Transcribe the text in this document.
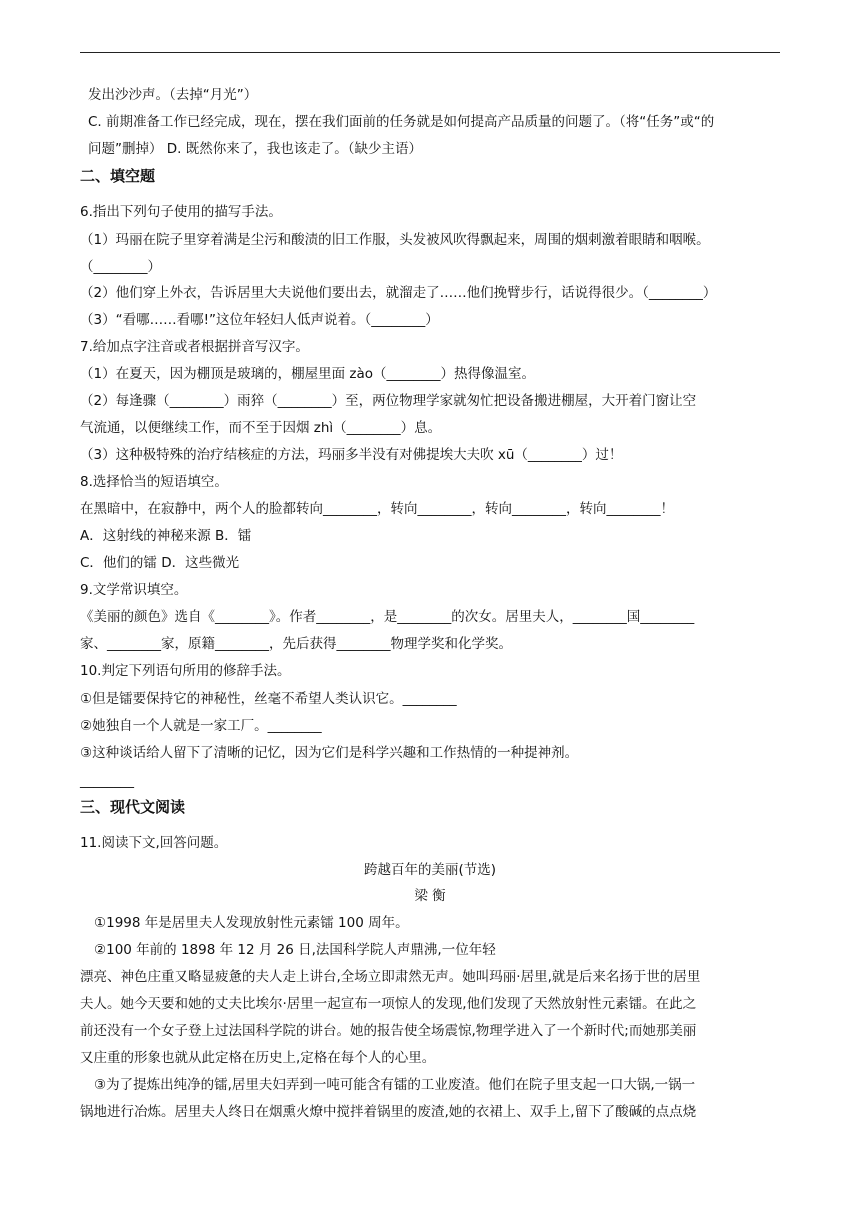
发出沙沙声。（去掉“月光”）
C. 前期准备工作已经完成，现在，摆在我们面前的任务就是如何提高产品质量的问题了。（将“任务”或“的
问题”删掉） D. 既然你来了，我也该走了。（缺少主语）
二、填空题
6.指出下列句子使用的描写手法。
（1）玛丽在院子里穿着满是尘污和酸渍的旧工作服，头发被风吹得飘起来，周围的烟刺激着眼睛和咽喉。
（________）
（2）他们穿上外衣，告诉居里大夫说他们要出去，就溜走了……他们挽臂步行，话说得很少。（________）
（3）“看哪……看哪!”这位年轻妇人低声说着。（________）
7.给加点字注音或者根据拼音写汉字。
（1）在夏天，因为棚顶是玻璃的，棚屋里面 zào（________）热得像温室。
（2）每逢骤（________）雨猝（________）至，两位物理学家就匆忙把设备搬进棚屋，大开着门窗让空
气流通，以便继续工作，而不至于因烟 zhì（________）息。
（3）这种极特殊的治疗结核症的方法，玛丽多半没有对佛提埃大夫吹 xū（________）过！
8.选择恰当的短语填空。
在黑暗中，在寂静中，两个人的脸都转向________，转向________，转向________，转向________！
A．这射线的神秘来源 B．镭
C．他们的镭 D．这些微光
9.文学常识填空。
《美丽的颜色》选自《________》。作者________，是________的次女。居里夫人，________国________
家、________家，原籍________，先后获得________物理学奖和化学奖。
10.判定下列语句所用的修辞手法。
①但是镭要保持它的神秘性，丝毫不希望人类认识它。________
②她独自一个人就是一家工厂。________
③这种谈话给人留下了清晰的记忆，因为它们是科学兴趣和工作热情的一种提神剂。
________
三、现代文阅读
11.阅读下文,回答问题。
跨越百年的美丽(节选)
梁 衡
①1998 年是居里夫人发现放射性元素镭 100 周年。
②100 年前的 1898 年 12 月 26 日,法国科学院人声鼎沸,一位年轻
漂亮、神色庄重又略显疲惫的夫人走上讲台,全场立即肃然无声。她叫玛丽·居里,就是后来名扬于世的居里
夫人。她今天要和她的丈夫比埃尔·居里一起宣布一项惊人的发现,他们发现了天然放射性元素镭。在此之
前还没有一个女子登上过法国科学院的讲台。她的报告使全场震惊,物理学进入了一个新时代;而她那美丽
又庄重的形象也就从此定格在历史上,定格在每个人的心里。
③为了提炼出纯净的镭,居里夫妇弄到一吨可能含有镭的工业废渣。他们在院子里支起一口大锅,一锅一
锅地进行冶炼。居里夫人终日在烟熏火燎中搅拌着锅里的废渣,她的衣裙上、双手上,留下了酸碱的点点烧
